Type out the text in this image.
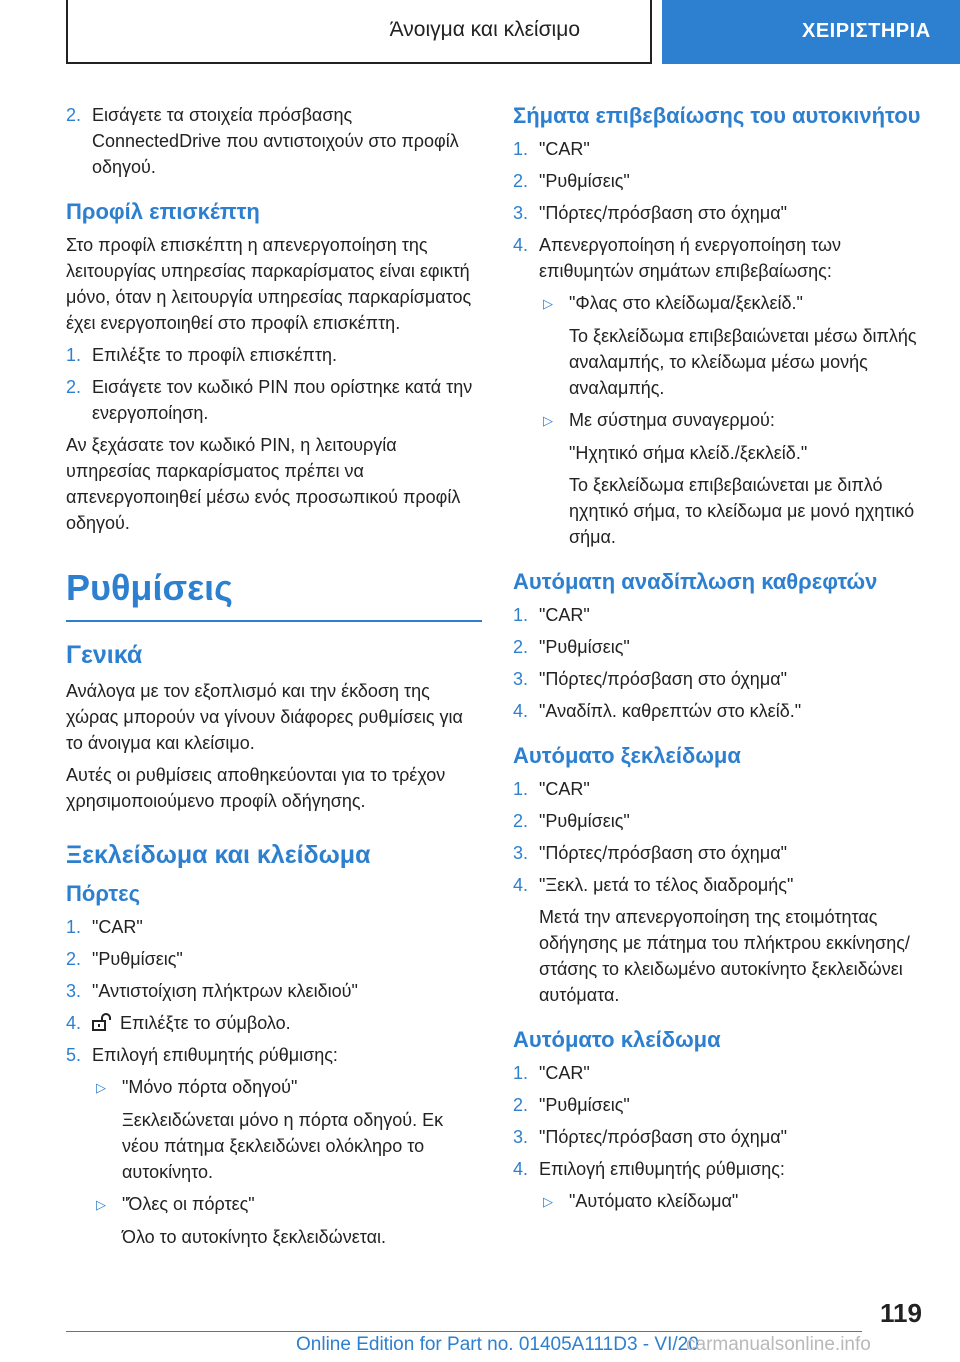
Άνοιγμα και κλείσιμο	ΧΕΙΡΙΣΤΗΡΙΑ
2. Εισάγετε τα στοιχεία πρόσβασης ConnectedDrive που αντιστοιχούν στο προφίλ οδηγού.
Προφίλ επισκέπτη
Στο προφίλ επισκέπτη η απενεργοποίηση της λειτουργίας υπηρεσίας παρκαρίσματος είναι εφικτή μόνο, όταν η λειτουργία υπηρεσίας παρκαρίσματος έχει ενεργοποιηθεί στο προφίλ επισκέπτη.
1. Επιλέξτε το προφίλ επισκέπτη.
2. Εισάγετε τον κωδικό PIN που ορίστηκε κατά την ενεργοποίηση.
Αν ξεχάσατε τον κωδικό PIN, η λειτουργία υπηρεσίας παρκαρίσματος πρέπει να απενεργοποιηθεί μέσω ενός προσωπικού προφίλ οδηγού.
Ρυθμίσεις
Γενικά
Ανάλογα με τον εξοπλισμό και την έκδοση της χώρας μπορούν να γίνουν διάφορες ρυθμίσεις για το άνοιγμα και κλείσιμο.
Αυτές οι ρυθμίσεις αποθηκεύονται για το τρέχον χρησιμοποιούμενο προφίλ οδήγησης.
Ξεκλείδωμα και κλείδωμα
Πόρτες
1. "CAR"
2. "Ρυθμίσεις"
3. "Αντιστοίχιση πλήκτρων κλειδιού"
4.	Επιλέξτε το σύμβολο.
5. Επιλογή επιθυμητής ρύθμισης:
▷ "Μόνο πόρτα οδηγού"
Ξεκλειδώνεται μόνο η πόρτα οδηγού. Εκ νέου πάτημα ξεκλειδώνει ολόκληρο το αυτοκίνητο.
▷ "Όλες οι πόρτες"
Όλο το αυτοκίνητο ξεκλειδώνεται.
Σήματα επιβεβαίωσης του αυτοκινήτου
1. "CAR"
2. "Ρυθμίσεις"
3. "Πόρτες/πρόσβαση στο όχημα"
4. Απενεργοποίηση ή ενεργοποίηση των επιθυμητών σημάτων επιβεβαίωσης:
▷ "Φλας στο κλείδωμα/ξεκλείδ."
Το ξεκλείδωμα επιβεβαιώνεται μέσω διπλής αναλαμπής, το κλείδωμα μέσω μονής αναλαμπής.
▷ Με σύστημα συναγερμού:
"Ηχητικό σήμα κλείδ./ξεκλείδ."
Το ξεκλείδωμα επιβεβαιώνεται με διπλό ηχητικό σήμα, το κλείδωμα με μονό ηχητικό σήμα.
Αυτόματη αναδίπλωση καθρεφτών
1. "CAR"
2. "Ρυθμίσεις"
3. "Πόρτες/πρόσβαση στο όχημα"
4. "Αναδίπλ. καθρεπτών στο κλείδ."
Αυτόματο ξεκλείδωμα
1. "CAR"
2. "Ρυθμίσεις"
3. "Πόρτες/πρόσβαση στο όχημα"
4. "Ξεκλ. μετά το τέλος διαδρομής"
Μετά την απενεργοποίηση της ετοιμότητας οδήγησης με πάτημα του πλήκτρου εκκίνησης/στάσης το κλειδωμένο αυτοκίνητο ξεκλειδώνει αυτόματα.
Αυτόματο κλείδωμα
1. "CAR"
2. "Ρυθμίσεις"
3. "Πόρτες/πρόσβαση στο όχημα"
4. Επιλογή επιθυμητής ρύθμισης:
▷ "Αυτόματο κλείδωμα"
119
Online Edition for Part no. 01405A111D3 - VI/20
carmanualsonline.info
